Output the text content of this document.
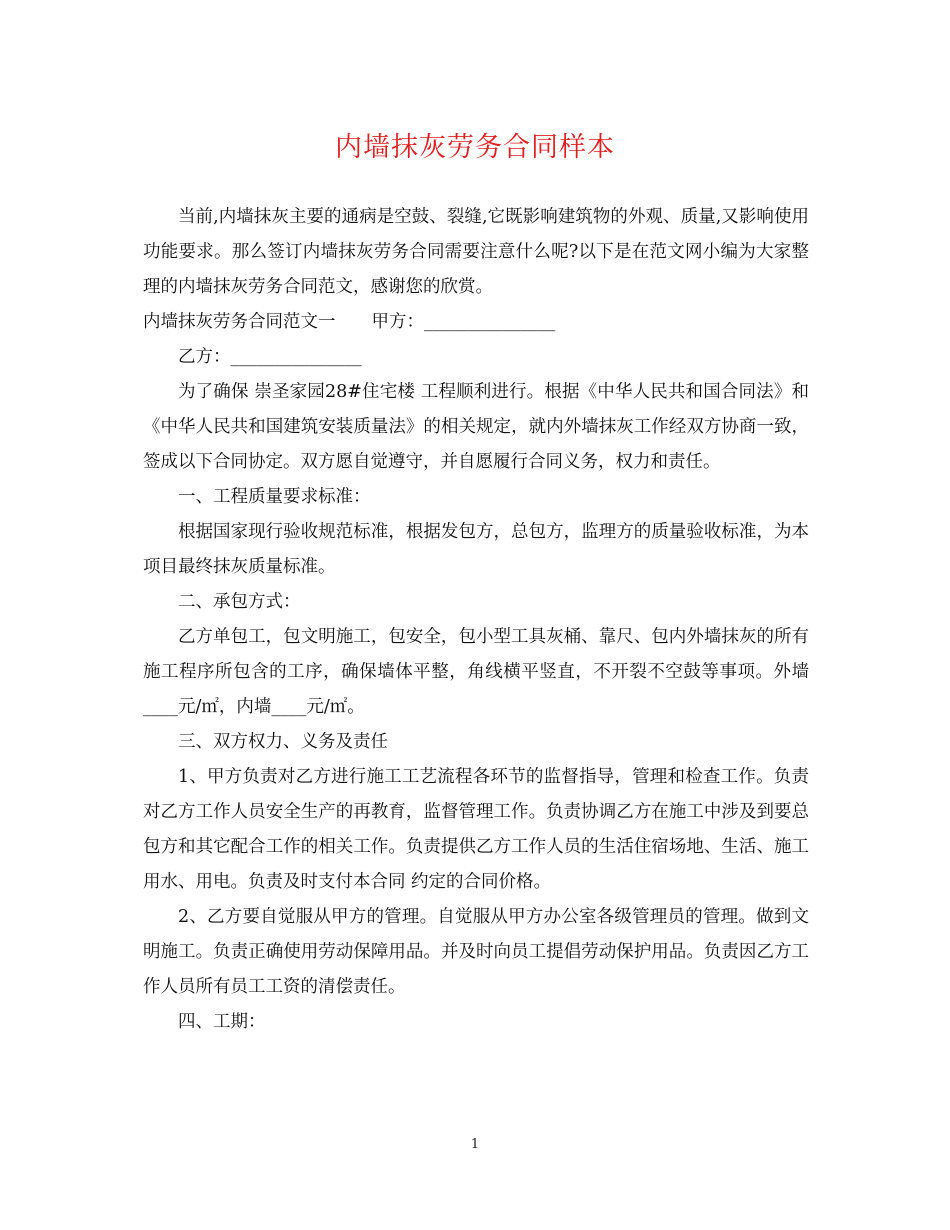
内墙抹灰劳务合同样本

当前,内墙抹灰主要的通病是空鼓、裂缝,它既影响建筑物的外观、质量,又影响使用功能要求。那么签订内墙抹灰劳务合同需要注意什么呢?以下是在范文网小编为大家整理的内墙抹灰劳务合同范文，感谢您的欣赏。

内墙抹灰劳务合同范文一 甲方：_______________

乙方：_______________

为了确保 崇圣家园28#住宅楼 工程顺利进行。根据《中华人民共和国合同法》和《中华人民共和国建筑安装质量法》的相关规定，就内外墙抹灰工作经双方协商一致，签成以下合同协定。双方愿自觉遵守，并自愿履行合同义务，权力和责任。

一、工程质量要求标准：

根据国家现行验收规范标准，根据发包方，总包方，监理方的质量验收标准，为本项目最终抹灰质量标准。

二、承包方式：

乙方单包工，包文明施工，包安全，包小型工具灰桶、靠尺、包内外墙抹灰的所有施工程序所包含的工序，确保墙体平整，角线横平竖直，不开裂不空鼓等事项。外墙____元/㎡，内墙____元/㎡。

三、双方权力、义务及责任

1、甲方负责对乙方进行施工工艺流程各环节的监督指导，管理和检查工作。负责对乙方工作人员安全生产的再教育，监督管理工作。负责协调乙方在施工中涉及到要总包方和其它配合工作的相关工作。负责提供乙方工作人员的生活住宿场地、生活、施工用水、用电。负责及时支付本合同 约定的合同价格。

2、乙方要自觉服从甲方的管理。自觉服从甲方办公室各级管理员的管理。做到文明施工。负责正确使用劳动保障用品。并及时向员工提倡劳动保护用品。负责因乙方工作人员所有员工工资的清偿责任。

四、工期：

1
